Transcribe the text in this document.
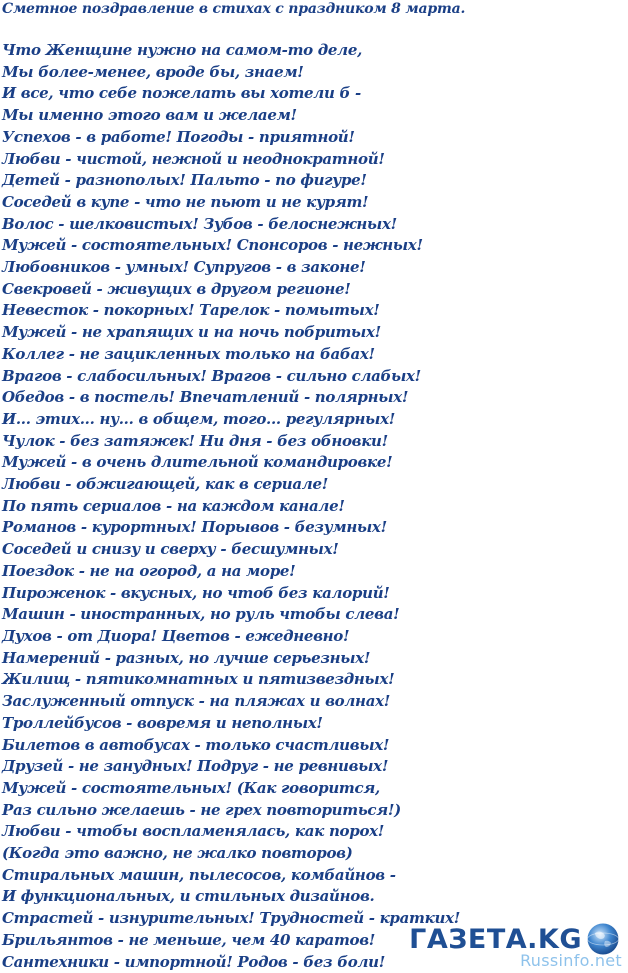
Сметное поздравление в стихах с праздником 8 марта.
Что Женщине нужно на самом-то деле,
Мы более-менее, вроде бы, знаем!
И все, что себе пожелать вы хотели б -
Мы именно этого вам и желаем!
Успехов - в работе! Погоды - приятной!
Любви - чистой, нежной и неоднократной!
Детей - разнополых! Пальто - по фигуре!
Соседей в купе - что не пьют и не курят!
Волос - шелковистых! Зубов - белоснежных!
Мужей - состоятельных! Спонсоров - нежных!
Любовников - умных! Супругов - в законе!
Свекровей - живущих в другом регионе!
Невесток - покорных! Тарелок - помытых!
Мужей - не храпящих и на ночь побритых!
Коллег - не зацикленных только на бабах!
Врагов - слабосильных! Врагов - сильно слабых!
Обедов - в постель! Впечатлений - полярных!
И... этих... ну... в общем, того... регулярных!
Чулок - без затяжек! Ни дня - без обновки!
Мужей - в очень длительной командировке!
Любви - обжигающей, как в сериале!
По пять сериалов - на каждом канале!
Романов - курортных! Порывов - безумных!
Соседей и снизу и сверху - бесшумных!
Поездок - не на огород, а на море!
Пироженок - вкусных, но чтоб без калорий!
Машин - иностранных, но руль чтобы слева!
Духов - от Диора! Цветов - ежедневно!
Намерений - разных, но лучше серьезных!
Жилищ - пятикомнатных и пятизвездных!
Заслуженный отпуск - на пляжах и волнах!
Троллейбусов - вовремя и неполных!
Билетов в автобусах - только счастливых!
Друзей - не занудных! Подруг - не ревнивых!
Мужей - состоятельных! (Как говорится,
Раз сильно желаешь - не грех повториться!)
Любви - чтобы воспламенялась, как порох!
(Когда это важно, не жалко повторов)
Стиральных машин, пылесосов, комбайнов -
И функциональных, и стильных дизайнов.
Страстей - изнурительных! Трудностей - кратких!
Брильянтов - не меньше, чем 40 каратов!
Сантехники - импортной! Родов - без боли!
ГАЗЕТА.KG
Russinfo.net
